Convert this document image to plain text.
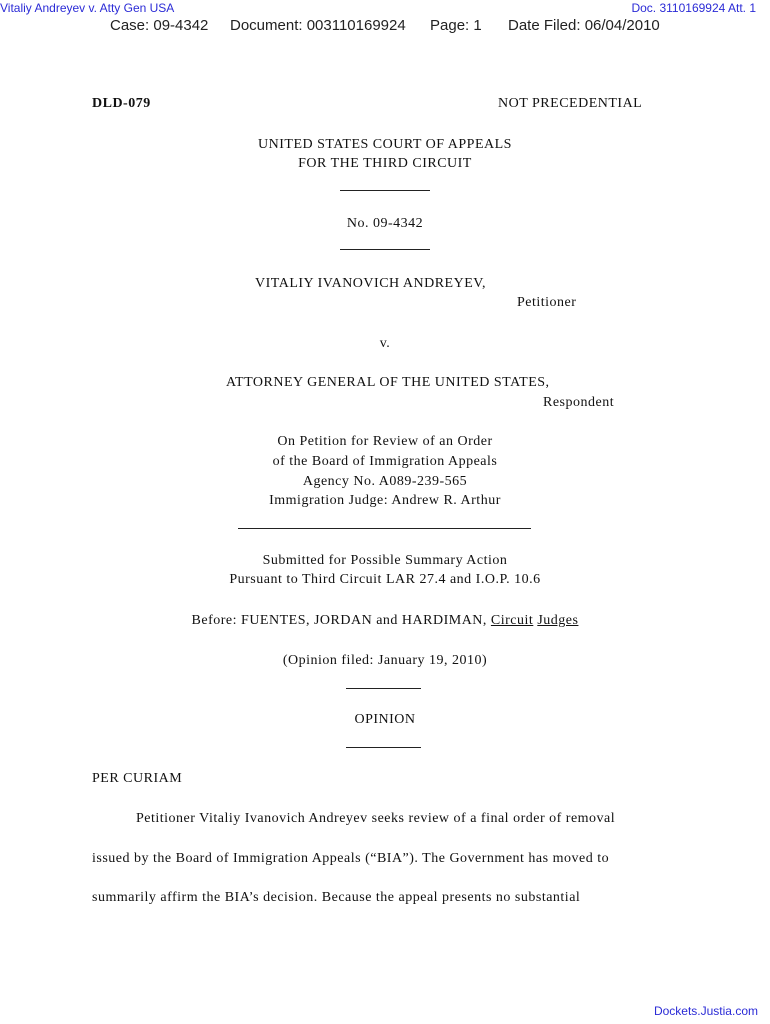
Vitaliy Andreyev v. Atty Gen USA	Doc. 3110169924 Att. 1
Case: 09-4342 Document: 003110169924 Page: 1 Date Filed: 06/04/2010
DLD-079	NOT PRECEDENTIAL
UNITED STATES COURT OF APPEALS
FOR THE THIRD CIRCUIT
No. 09-4342
VITALIY IVANOVICH ANDREYEV,
Petitioner
v.
ATTORNEY GENERAL OF THE UNITED STATES,
Respondent
On Petition for Review of an Order
of the Board of Immigration Appeals
Agency No. A089-239-565
Immigration Judge: Andrew R. Arthur
Submitted for Possible Summary Action
Pursuant to Third Circuit LAR 27.4 and I.O.P. 10.6
Before: FUENTES, JORDAN and HARDIMAN, Circuit Judges
(Opinion filed: January 19, 2010)
OPINION
PER CURIAM
Petitioner Vitaliy Ivanovich Andreyev seeks review of a final order of removal
issued by the Board of Immigration Appeals (“BIA”). The Government has moved to
summarily affirm the BIA’s decision. Because the appeal presents no substantial
Dockets.Justia.com
